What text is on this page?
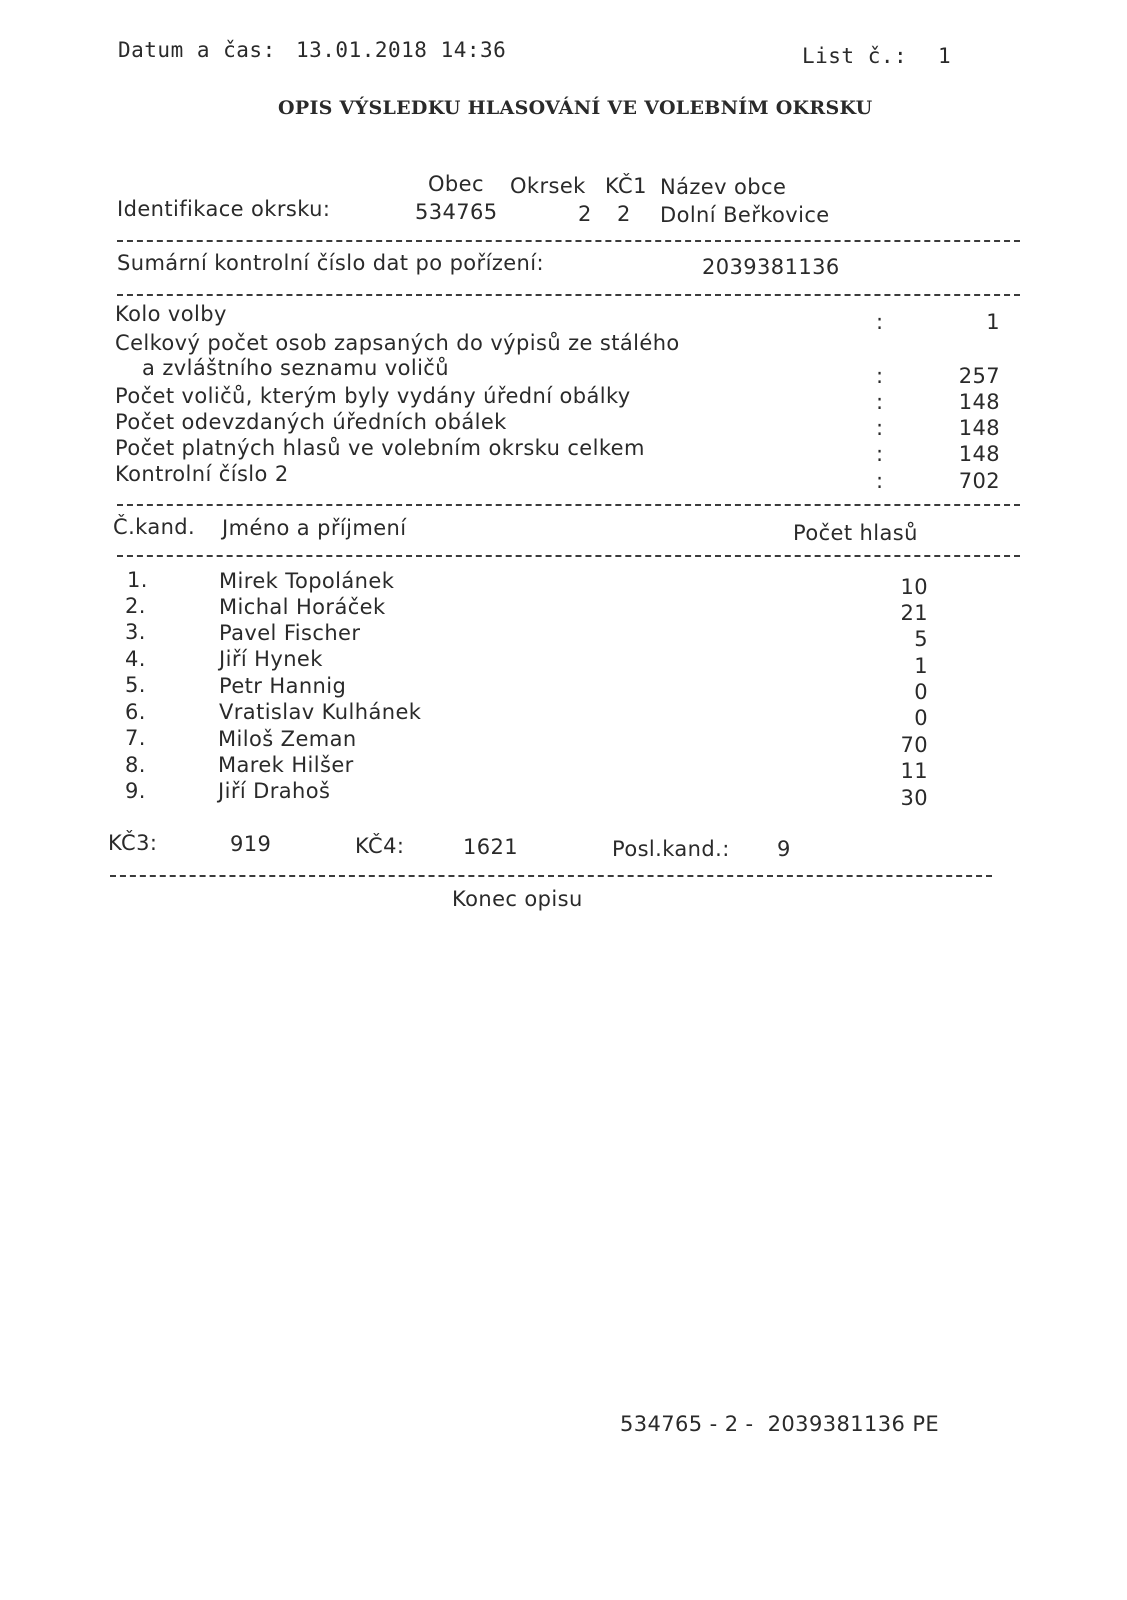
Datum a čas: 13.01.2018 14:36	List č.: 1
OPIS VÝSLEDKU HLASOVÁNÍ VE VOLEBNÍM OKRSKU
Obec Okrsek KČ1 Název obce
Identifikace okrsku:	534765	2 2 Dolní Beřkovice
Sumární kontrolní číslo dat po pořízení:	2039381136
Kolo volby	:	1
Celkový počet osob zapsaných do výpisů ze stálého
a zvláštního seznamu voličů	:	257
Počet voličů, kterým byly vydány úřední obálky	:	148
Počet odevzdaných úředních obálek	:	148
Počet platných hlasů ve volebním okrsku celkem	:	148
Kontrolní číslo 2	:	702
Č.kand. Jméno a příjmení	Počet hlasů
1.	Mirek Topolánek	10
2.	Michal Horáček	21
3.	Pavel Fischer	5
4.	Jiří Hynek	1
5.	Petr Hannig	0
6.	Vratislav Kulhánek	0
7.	Miloš Zeman	70
8.	Marek Hilšer	11
9.	Jiří Drahoš	30
KČ3:	919	KČ4:	1621	Posl.kand.: 9
Konec opisu
534765 - 2 -  2039381136 PE
